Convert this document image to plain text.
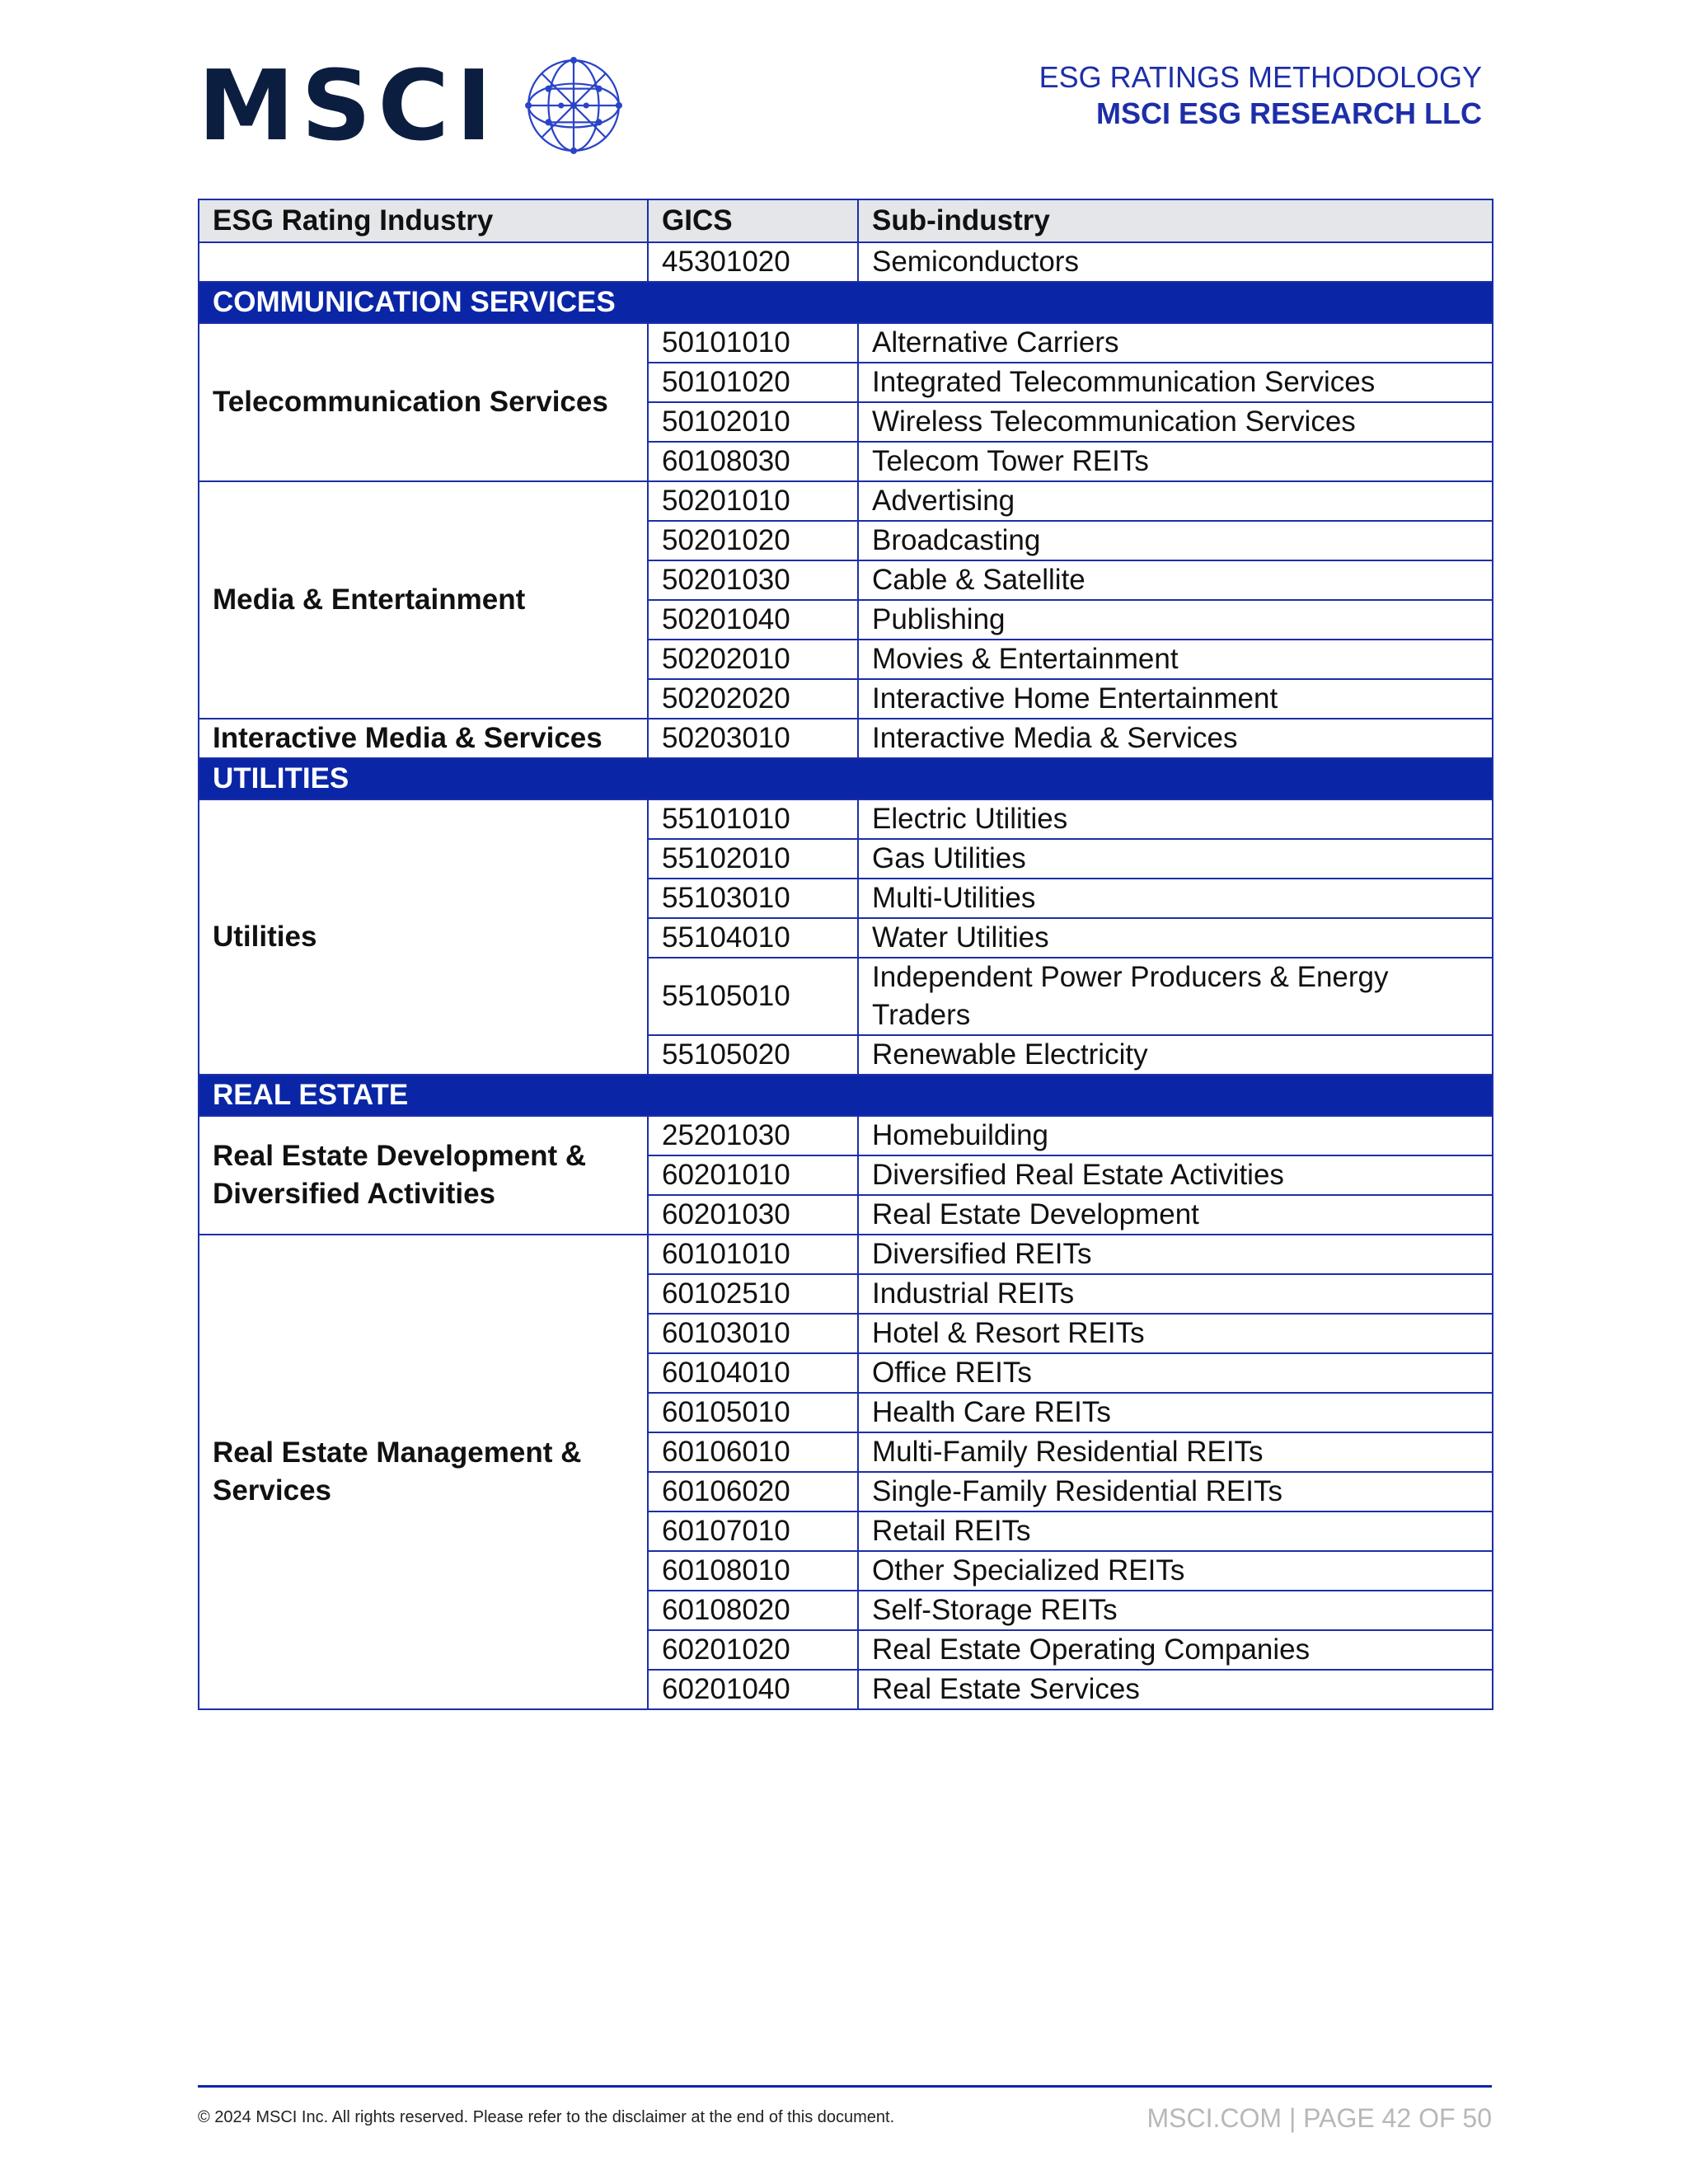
MSCI	ESG RATINGS METHODOLOGY
MSCI ESG RESEARCH LLC
ESG Rating Industry	GICS	Sub-industry
	45301020	Semiconductors
COMMUNICATION SERVICES		
Telecommunication Services	50101010	Alternative Carriers
	50101020	Integrated Telecommunication Services
	50102010	Wireless Telecommunication Services
	60108030	Telecom Tower REITs
Media & Entertainment	50201010	Advertising
	50201020	Broadcasting
	50201030	Cable & Satellite
	50201040	Publishing
	50202010	Movies & Entertainment
	50202020	Interactive Home Entertainment
Interactive Media & Services	50203010	Interactive Media & Services
UTILITIES		
Utilities	55101010	Electric Utilities
	55102010	Gas Utilities
	55103010	Multi-Utilities
	55104010	Water Utilities
	55105010	Independent Power Producers & Energy Traders
	55105020	Renewable Electricity
REAL ESTATE		
Real Estate Development & Diversified Activities	25201030	Homebuilding
	60201010	Diversified Real Estate Activities
	60201030	Real Estate Development
Real Estate Management & Services	60101010	Diversified REITs
	60102510	Industrial REITs
	60103010	Hotel & Resort REITs
	60104010	Office REITs
	60105010	Health Care REITs
	60106010	Multi-Family Residential REITs
	60106020	Single-Family Residential REITs
	60107010	Retail REITs
	60108010	Other Specialized REITs
	60108020	Self-Storage REITs
	60201020	Real Estate Operating Companies
	60201040	Real Estate Services
© 2024 MSCI Inc. All rights reserved. Please refer to the disclaimer at the end of this document.	MSCI.COM | PAGE 42 OF 50
